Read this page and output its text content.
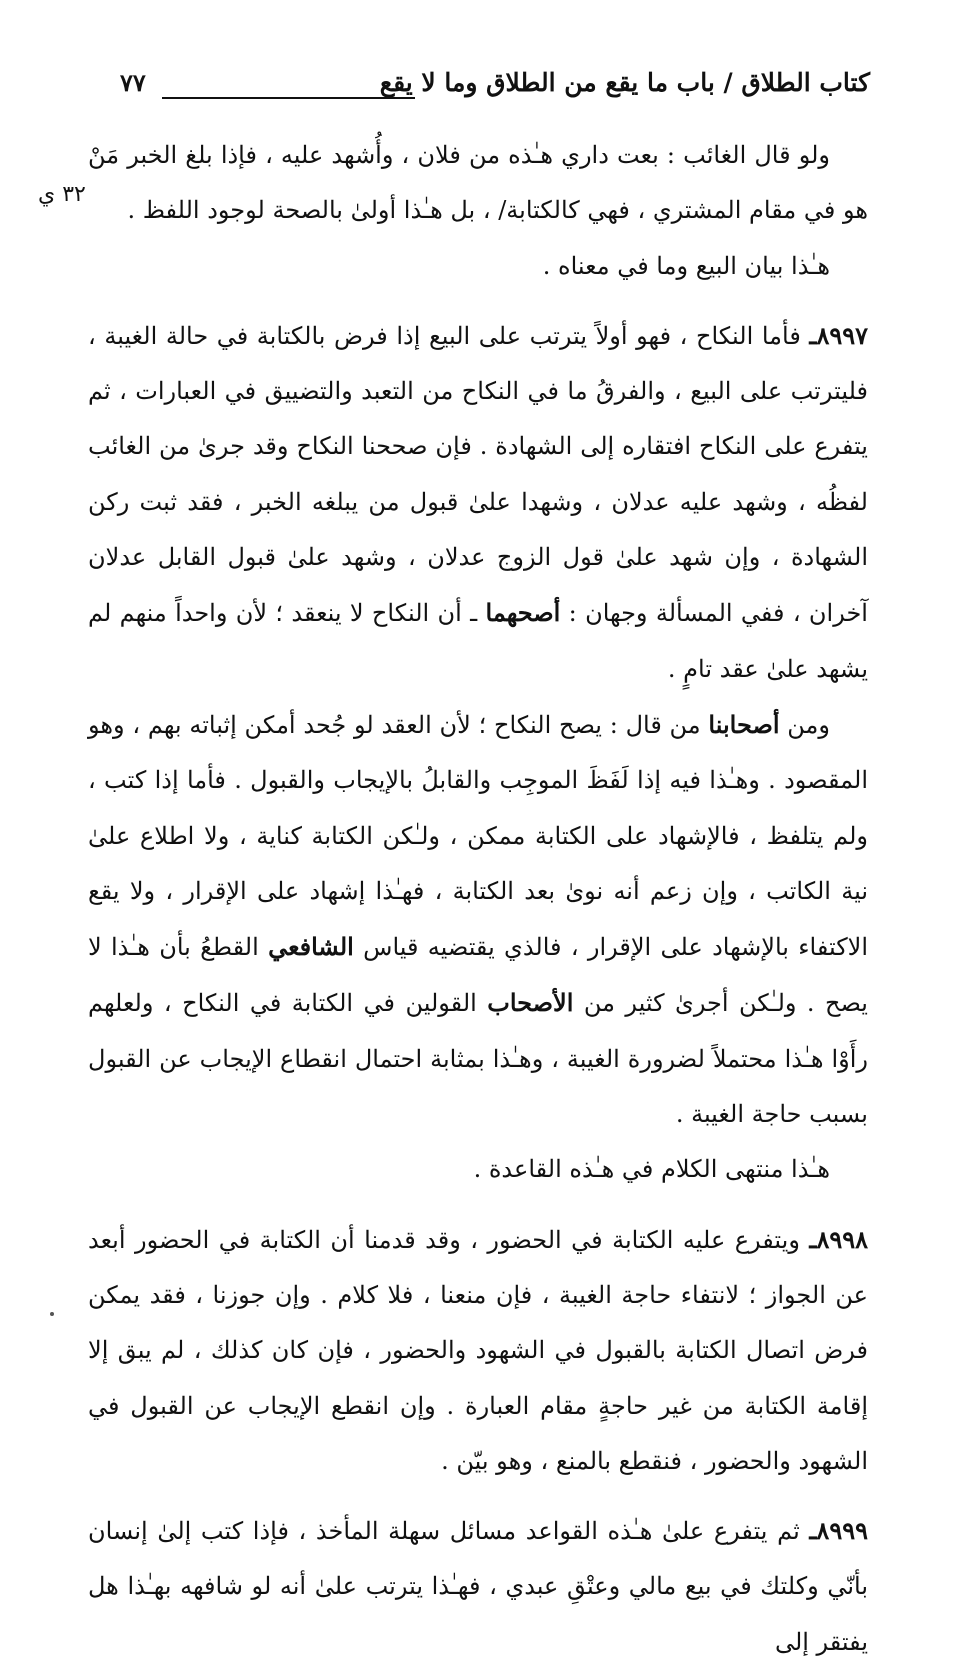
كتاب الطلاق / باب ما يقع من الطلاق وما لا يقع
٧٧
٣٢ ي

ولو قال الغائب : بعت داري هـٰذه من فلان ، وأُشهد عليه ، فإذا بلغ الخبر مَنْ هو في مقام المشتري ، فهي كالكتابة/ ، بل هـٰذا أولىٰ بالصحة لوجود اللفظ .

هـٰذا بيان البيع وما في معناه .

٨٩٩٧ـ فأما النكاح ، فهو أولاً يترتب على البيع إذا فرض بالكتابة في حالة الغيبة ، فليترتب على البيع ، والفرقُ ما في النكاح من التعبد والتضييق في العبارات ، ثم يتفرع على النكاح افتقاره إلى الشهادة . فإن صححنا النكاح وقد جرىٰ من الغائب لفظُه ، وشهد عليه عدلان ، وشهدا علىٰ قبول من يبلغه الخبر ، فقد ثبت ركن الشهادة ، وإن شهد علىٰ قول الزوج عدلان ، وشهد علىٰ قبول القابل عدلان آخران ، ففي المسألة وجهان : أصحهما ـ أن النكاح لا ينعقد ؛ لأن واحداً منهم لم يشهد علىٰ عقد تامٍ .

ومن أصحابنا من قال : يصح النكاح ؛ لأن العقد لو جُحد أمكن إثباته بهم ، وهو المقصود . وهـٰذا فيه إذا لَفَظَ الموجِب والقابلُ بالإيجاب والقبول . فأما إذا كتب ، ولم يتلفظ ، فالإشهاد على الكتابة ممكن ، ولـٰكن الكتابة كناية ، ولا اطلاع علىٰ نية الكاتب ، وإن زعم أنه نوىٰ بعد الكتابة ، فهـٰذا إشهاد على الإقرار ، ولا يقع الاكتفاء بالإشهاد على الإقرار ، فالذي يقتضيه قياس الشافعي القطعُ بأن هـٰذا لا يصح . ولـٰكن أجرىٰ كثير من الأصحاب القولين في الكتابة في النكاح ، ولعلهم رأَوْا هـٰذا محتملاً لضرورة الغيبة ، وهـٰذا بمثابة احتمال انقطاع الإيجاب عن القبول بسبب حاجة الغيبة .

هـٰذا منتهى الكلام في هـٰذه القاعدة .

٨٩٩٨ـ ويتفرع عليه الكتابة في الحضور ، وقد قدمنا أن الكتابة في الحضور أبعد عن الجواز ؛ لانتفاء حاجة الغيبة ، فإن منعنا ، فلا كلام . وإن جوزنا ، فقد يمكن فرض اتصال الكتابة بالقبول في الشهود والحضور ، فإن كان كذلك ، لم يبق إلا إقامة الكتابة من غير حاجةٍ مقام العبارة . وإن انقطع الإيجاب عن القبول في الشهود والحضور ، فنقطع بالمنع ، وهو بيّن .

٨٩٩٩ـ ثم يتفرع علىٰ هـٰذه القواعد مسائل سهلة المأخذ ، فإذا كتب إلىٰ إنسان بأنّي وكلتك في بيع مالي وعتْقِ عبدي ، فهـٰذا يترتب علىٰ أنه لو شافهه بهـٰذا هل يفتقر إلى
